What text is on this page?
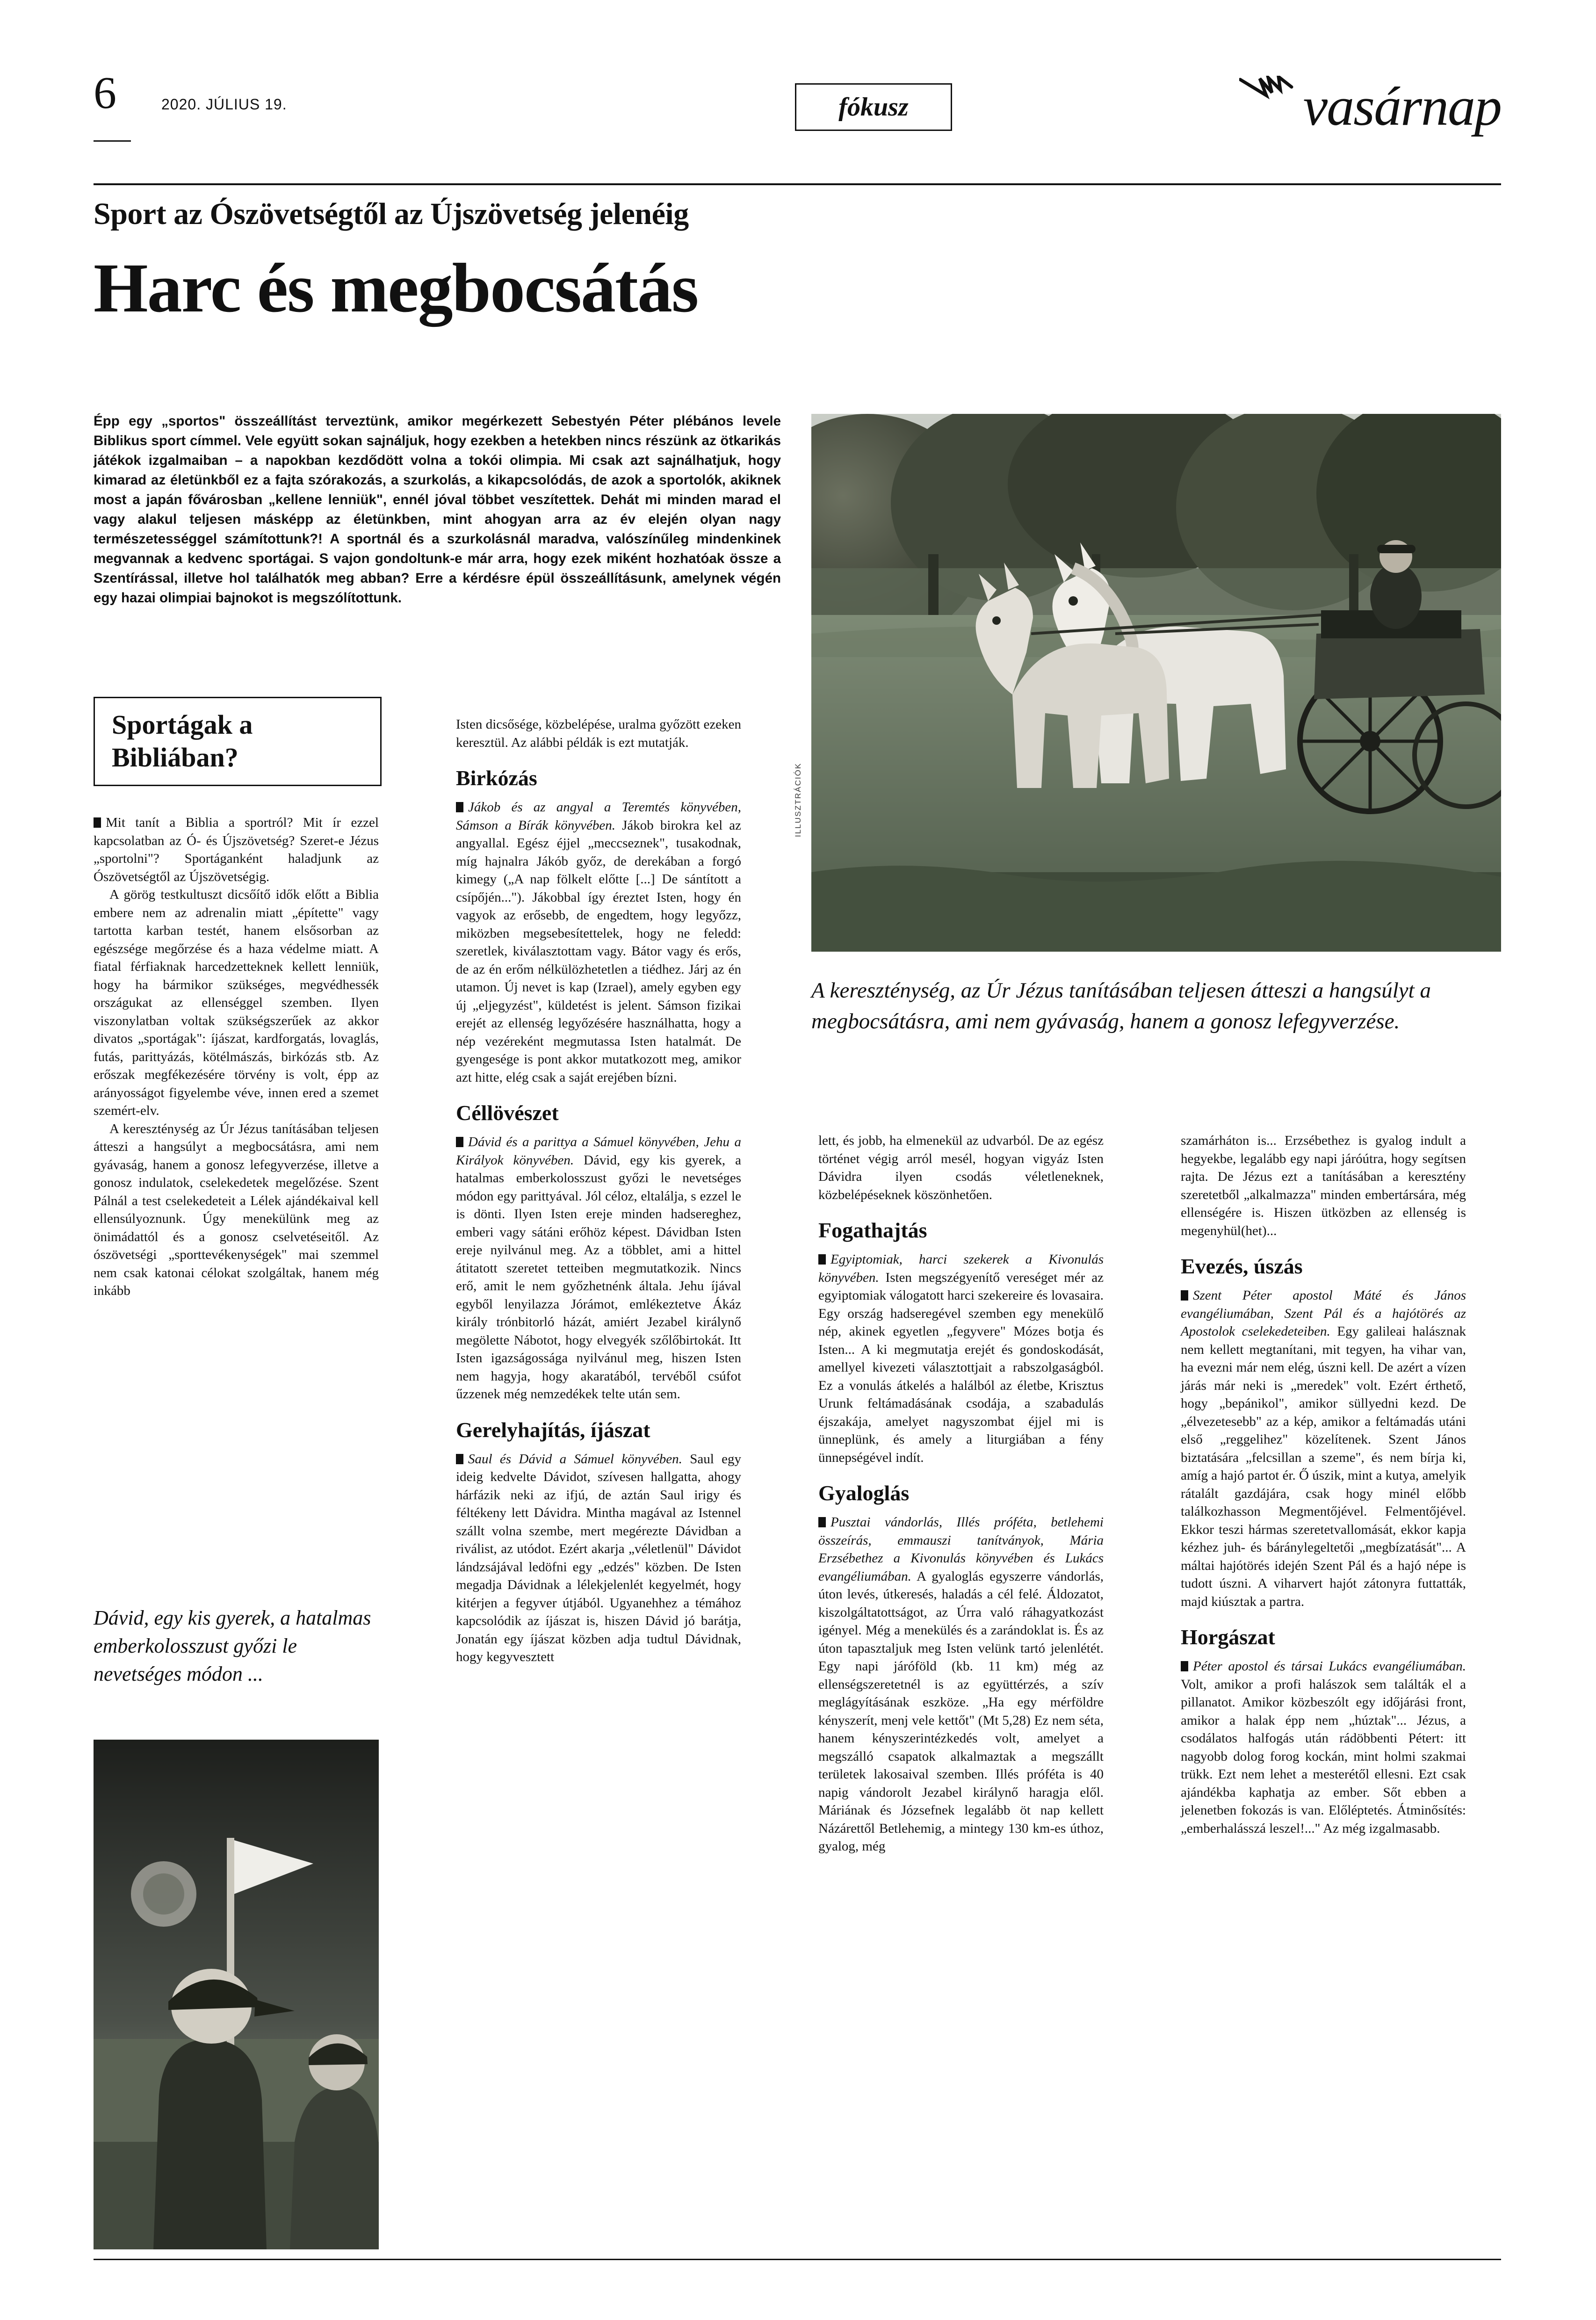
6	2020. JÚLIUS 19.	fókusz	vasárnap
Sport az Ószövetségtől az Újszövetség jelenéig
Harc és megbocsátás
Épp egy „sportos" összeállítást terveztünk, amikor megérkezett Sebestyén Péter plébános levele Biblikus sport címmel. Vele együtt sokan sajnáljuk, hogy ezekben a hetekben nincs részünk az ötkarikás játékok izgalmaiban – a napokban kezdődött volna a tokói olimpia. Mi csak azt sajnálhatjuk, hogy kimarad az életünkből ez a fajta szórakozás, a szurkolás, a kikapcsolódás, de azok a sportolók, akiknek most a japán fővárosban „kellene lenniük", ennél jóval többet veszítettek. Dehát mi minden marad el vagy alakul teljesen másképp az életünkben, mint ahogyan arra az év elején olyan nagy természetességgel számítottunk?! A sportnál és a szurkolásnál maradva, valószínűleg mindenkinek megvannak a kedvenc sportágai. S vajon gondoltunk-e már arra, hogy ezek miként hozhatóak össze a Szentírással, illetve hol találhatók meg abban? Erre a kérdésre épül összeállításunk, amelynek végén egy hazai olimpiai bajnokot is megszólítottunk.
ILLUSZTRÁCIÓK
A kereszténység, az Úr Jézus tanításában teljesen átteszi a hangsúlyt a megbocsátásra, ami nem gyávaság, hanem a gonosz lefegyverzése.
Sportágak a Bibliában?

Mit tanít a Biblia a sportról? Mit ír ezzel kapcsolatban az Ó- és Újszövetség? Szeret-e Jézus „sportolni"? Sportáganként haladjunk az Ószövetségtől az Újszövetségig.

A görög testkultuszt dicsőítő idők előtt a Biblia embere nem az adrenalin miatt „építette" vagy tartotta karban testét, hanem elsősorban az egészsége megőrzése és a haza védelme miatt. A fiatal férfiaknak harcedzetteknek kellett lenniük, hogy ha bármikor szükséges, megvédhessék országukat az ellenséggel szemben. Ilyen viszonylatban voltak szükségszerűek az akkor divatos „sportágak": íjászat, kardforgatás, lovaglás, futás, parittyázás, kötélmászás, birkózás stb. Az erőszak megfékezésére törvény is volt, épp az arányosságot figyelembe véve, innen ered a szemet szemért-elv.

A kereszténység az Úr Jézus tanításában teljesen átteszi a hangsúlyt a megbocsátásra, ami nem gyávaság, hanem a gonosz lefegyverzése, illetve a gonosz indulatok, cselekedetek megelőzése. Szent Pálnál a test cselekedeteit a Lélek ajándékaival kell ellensúlyoznunk. Úgy menekülünk meg az önimádattól és a gonosz cselvetéseitől. Az ószövetségi „sporttevékenységek" mai szemmel nem csak katonai célokat szolgáltak, hanem még inkább

Dávid, egy kis gyerek, a hatalmas emberkolosszust győzi le nevetséges módon ...

Isten dicsősége, közbelépése, uralma győzött ezeken keresztül. Az alábbi példák is ezt mutatják.

Birkózás

Jákob és az angyal a Teremtés könyvében, Sámson a Bírák könyvében. Jákob birokra kel az angyallal. Egész éjjel „meccseznek", tusakodnak, míg hajnalra Jákób győz, de derekában a forgó kimegy („A nap fölkelt előtte [...] De sántított a csípőjén..."). Jákobbal így éreztet Isten, hogy én vagyok az erősebb, de engedtem, hogy legyőzz, miközben megsebesítettelek, hogy ne feledd: szeretlek, kiválasztottam vagy. Bátor vagy és erős, de az én erőm nélkülözhetetlen a tiédhez. Járj az én utamon. Új nevet is kap (Izrael), amely egyben egy új „eljegyzést", küldetést is jelent. Sámson fizikai erejét az ellenség legyőzésére használhatta, hogy a nép vezéreként megmutassa Isten hatalmát. De gyengesége is pont akkor mutatkozott meg, amikor azt hitte, elég csak a saját erejében bízni.

Céllövészet

Dávid és a parittya a Sámuel könyvében, Jehu a Királyok könyvében. Dávid, egy kis gyerek, a hatalmas emberkolosszust győzi le nevetséges módon egy parittyával. Jól céloz, eltalálja, s ezzel le is dönti. Ilyen Isten ereje minden hadsereghez, emberi vagy sátáni erőhöz képest. Dávidban Isten ereje nyilvánul meg. Az a többlet, ami a hittel átitatott szeretet tetteiben megmutatkozik. Nincs erő, amit le nem győzhetnénk általa. Jehu íjával egyből lenyilazza Jórámot, emlékeztetve Ákáz király trónbitorló házát, amiért Jezabel királynő megölette Nábotot, hogy elvegyék szőlőbirtokát. Itt Isten igazságossága nyilvánul meg, hiszen Isten nem hagyja, hogy akaratából, tervéből csúfot űzzenek még nemzedékek telte után sem.

Gerelyhajítás, íjászat

Saul és Dávid a Sámuel könyvében. Saul egy ideig kedvelte Dávidot, szívesen hallgatta, ahogy hárfázik neki az ifjú, de aztán Saul irigy és féltékeny lett Dávidra. Mintha magával az Istennel szállt volna szembe, mert megérezte Dávidban a riválist, az utódot. Ezért akarja „véletlenül" Dávidot lándzsájával ledöfni egy „edzés" közben. De Isten megadja Dávidnak a lélekjelenlét kegyelmét, hogy kitérjen a fegyver útjából. Ugyanehhez a témához kapcsolódik az íjászat is, hiszen Dávid jó barátja, Jonatán egy íjászat közben adja tudtul Dávidnak, hogy kegyvesztett

lett, és jobb, ha elmenekül az udvarból. De az egész történet végig arról mesél, hogyan vigyáz Isten Dávidra ilyen csodás véletleneknek, közbelépéseknek köszönhetően.

Fogathajtás

Egyiptomiak, harci szekerek a Kivonulás könyvében. Isten megszégyenítő vereséget mér az egyiptomiak válogatott harci szekereire és lovasaira. Egy ország hadseregével szemben egy menekülő nép, akinek egyetlen „fegyvere" Mózes botja és Isten... A ki megmutatja erejét és gondoskodását, amellyel kivezeti választottjait a rabszolgaságból. Ez a vonulás átkelés a halálból az életbe, Krisztus Urunk feltámadásának csodája, a szabadulás éjszakája, amelyet nagyszombat éjjel mi is ünneplünk, és amely a liturgiában a fény ünnepségével indít.

Gyaloglás

Pusztai vándorlás, Illés próféta, betlehemi összeírás, emmauszi tanítványok, Mária Erzsébethez a Kivonulás könyvében és Lukács evangéliumában. A gyaloglás egyszerre vándorlás, úton levés, útkeresés, haladás a cél felé. Áldozatot, kiszolgáltatottságot, az Úrra való ráhagyatkozást igényel. Még a menekülés és a zarándoklat is. És az úton tapasztaljuk meg Isten velünk tartó jelenlétét. Egy napi járóföld (kb. 11 km) még az ellenségszeretetnél is az együttérzés, a szív meglágyításának eszköze. „Ha egy mérföldre kényszerít, menj vele kettőt" (Mt 5,28) Ez nem séta, hanem kényszerintézkedés volt, amelyet a megszálló csapatok alkalmaztak a megszállt területek lakosaival szemben. Illés próféta is 40 napig vándorolt Jezabel királynő haragja elől. Máriának és Józsefnek legalább öt nap kellett Názárettől Betlehemig, a mintegy 130 km-es úthoz, gyalog, még

szamárháton is... Erzsébethez is gyalog indult a hegyekbe, legalább egy napi járóútra, hogy segítsen rajta. De Jézus ezt a tanításában a keresztény szeretetből „alkalmazza" minden embertársára, még ellenségére is. Hiszen ütközben az ellenség is megenyhül(het)...

Evezés, úszás

Szent Péter apostol Máté és János evangéliumában, Szent Pál és a hajótörés az Apostolok cselekedeteiben. Egy galileai halásznak nem kellett megtanítani, mit tegyen, ha vihar van, ha evezni már nem elég, úszni kell. De azért a vízen járás már neki is „meredek" volt. Ezért érthető, hogy „bepánikol", amikor süllyedni kezd. De „élvezetesebb" az a kép, amikor a feltámadás utáni első „reggelihez" közelítenek. Szent János biztatására „felcsillan a szeme", és nem bírja ki, amíg a hajó partot ér. Ő úszik, mint a kutya, amelyik rátalált gazdájára, csak hogy minél előbb találkozhasson Megmentőjével. Felmentőjével. Ekkor teszi hármas szeretetvallomását, ekkor kapja kézhez juh- és báránylegeltetői „megbízatását"... A máltai hajótörés idején Szent Pál és a hajó népe is tudott úszni. A viharvert hajót zátonyra futtatták, majd kiúsztak a partra.

Horgászat

Péter apostol és társai Lukács evangéliumában. Volt, amikor a profi halászok sem találták el a pillanatot. Amikor közbeszólt egy időjárási front, amikor a halak épp nem „húztak"... Jézus, a csodálatos halfogás után rádöbbenti Pétert: itt nagyobb dolog forog kockán, mint holmi szakmai trükk. Ezt nem lehet a mesterétől ellesni. Ezt csak ajándékba kaphatja az ember. Sőt ebben a jelenetben fokozás is van. Előléptetés. Átminősítés: „emberhalásszá leszel!..." Az még izgalmasabb.
